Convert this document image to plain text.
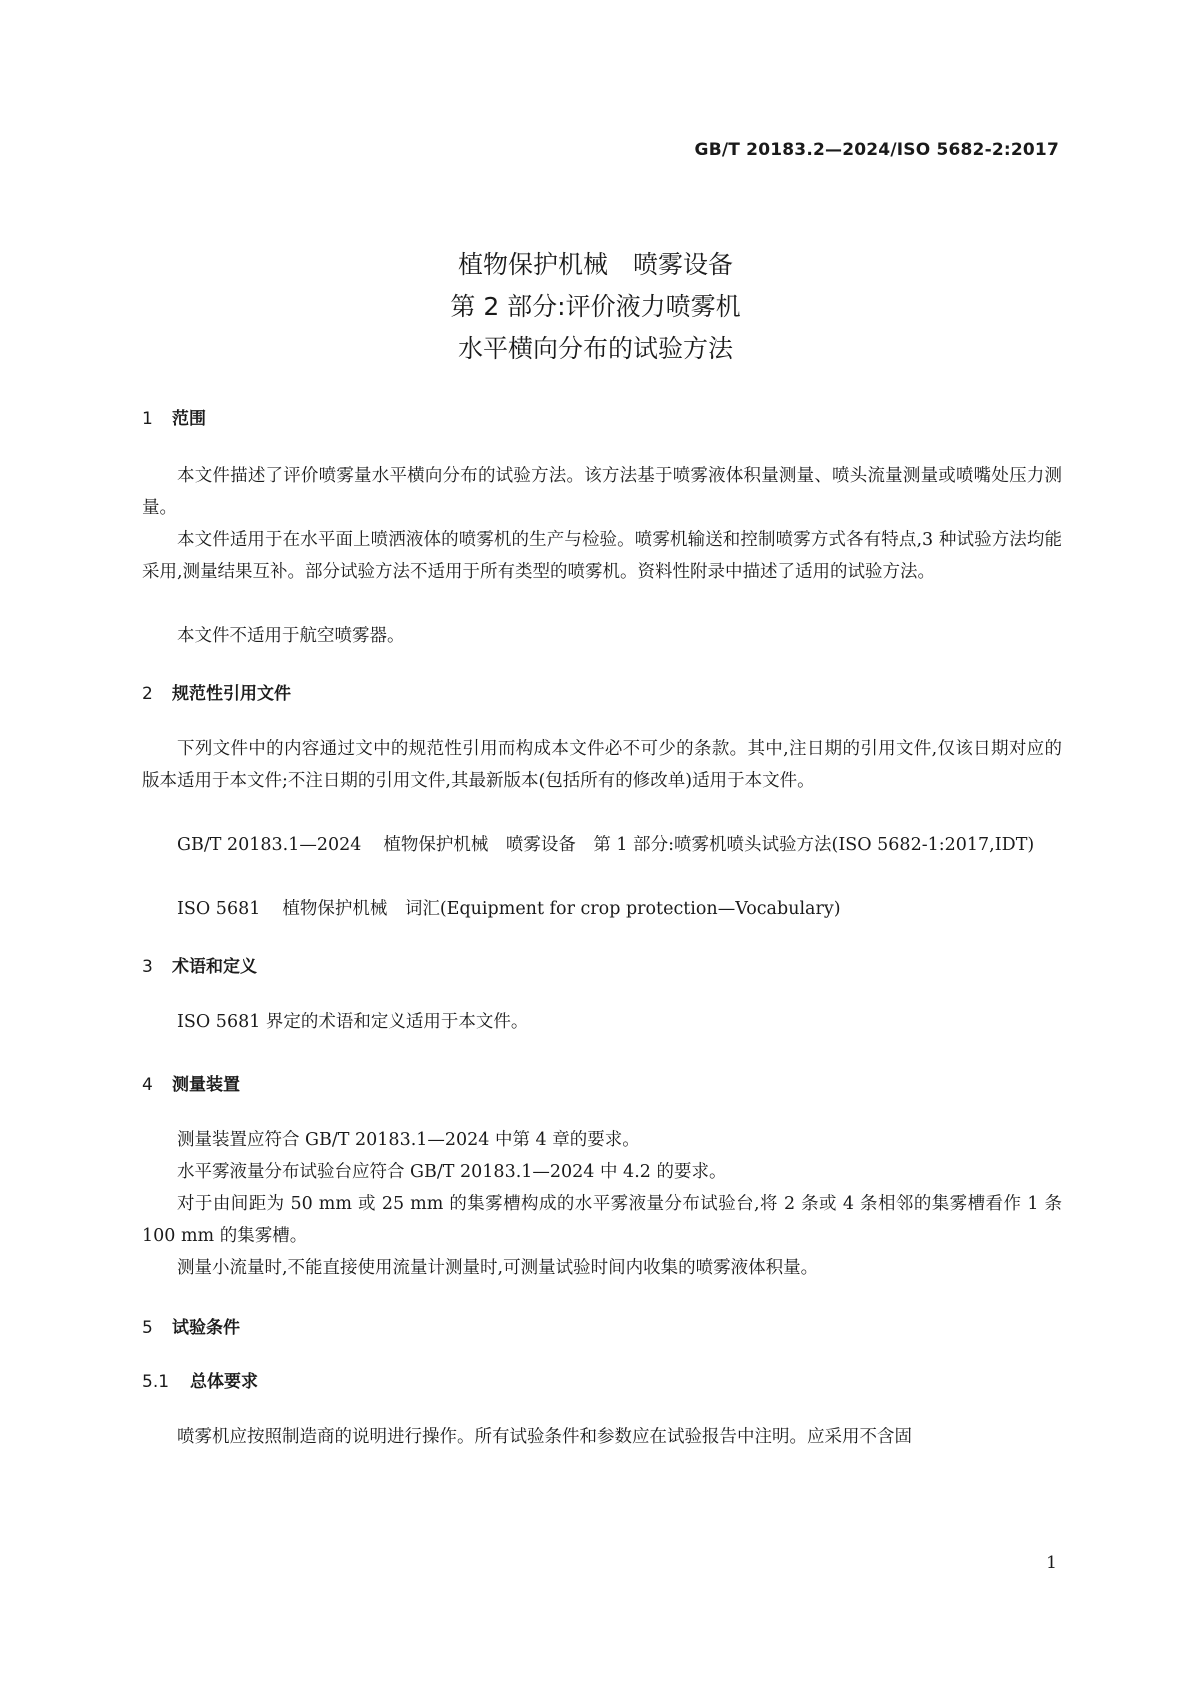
GB/T 20183.2—2024/ISO 5682-2:2017
植物保护机械　喷雾设备
第 2 部分:评价液力喷雾机
水平横向分布的试验方法
1 范围
本文件描述了评价喷雾量水平横向分布的试验方法。该方法基于喷雾液体积量测量、喷头流量测量或喷嘴处压力测量。
本文件适用于在水平面上喷洒液体的喷雾机的生产与检验。喷雾机输送和控制喷雾方式各有特点,3 种试验方法均能采用,测量结果互补。部分试验方法不适用于所有类型的喷雾机。资料性附录中描述了适用的试验方法。
本文件不适用于航空喷雾器。
2 规范性引用文件
下列文件中的内容通过文中的规范性引用而构成本文件必不可少的条款。其中,注日期的引用文件,仅该日期对应的版本适用于本文件;不注日期的引用文件,其最新版本(包括所有的修改单)适用于本文件。
GB/T 20183.1—2024 植物保护机械　喷雾设备　第 1 部分:喷雾机喷头试验方法(ISO 5682-1:2017,IDT)
ISO 5681 植物保护机械　词汇(Equipment for crop protection—Vocabulary)
3 术语和定义
ISO 5681 界定的术语和定义适用于本文件。
4 测量装置
测量装置应符合 GB/T 20183.1—2024 中第 4 章的要求。
水平雾液量分布试验台应符合 GB/T 20183.1—2024 中 4.2 的要求。
对于由间距为 50 mm 或 25 mm 的集雾槽构成的水平雾液量分布试验台,将 2 条或 4 条相邻的集雾槽看作 1 条 100 mm 的集雾槽。
测量小流量时,不能直接使用流量计测量时,可测量试验时间内收集的喷雾液体积量。
5 试验条件
5.1 总体要求
喷雾机应按照制造商的说明进行操作。所有试验条件和参数应在试验报告中注明。应采用不含固
1
